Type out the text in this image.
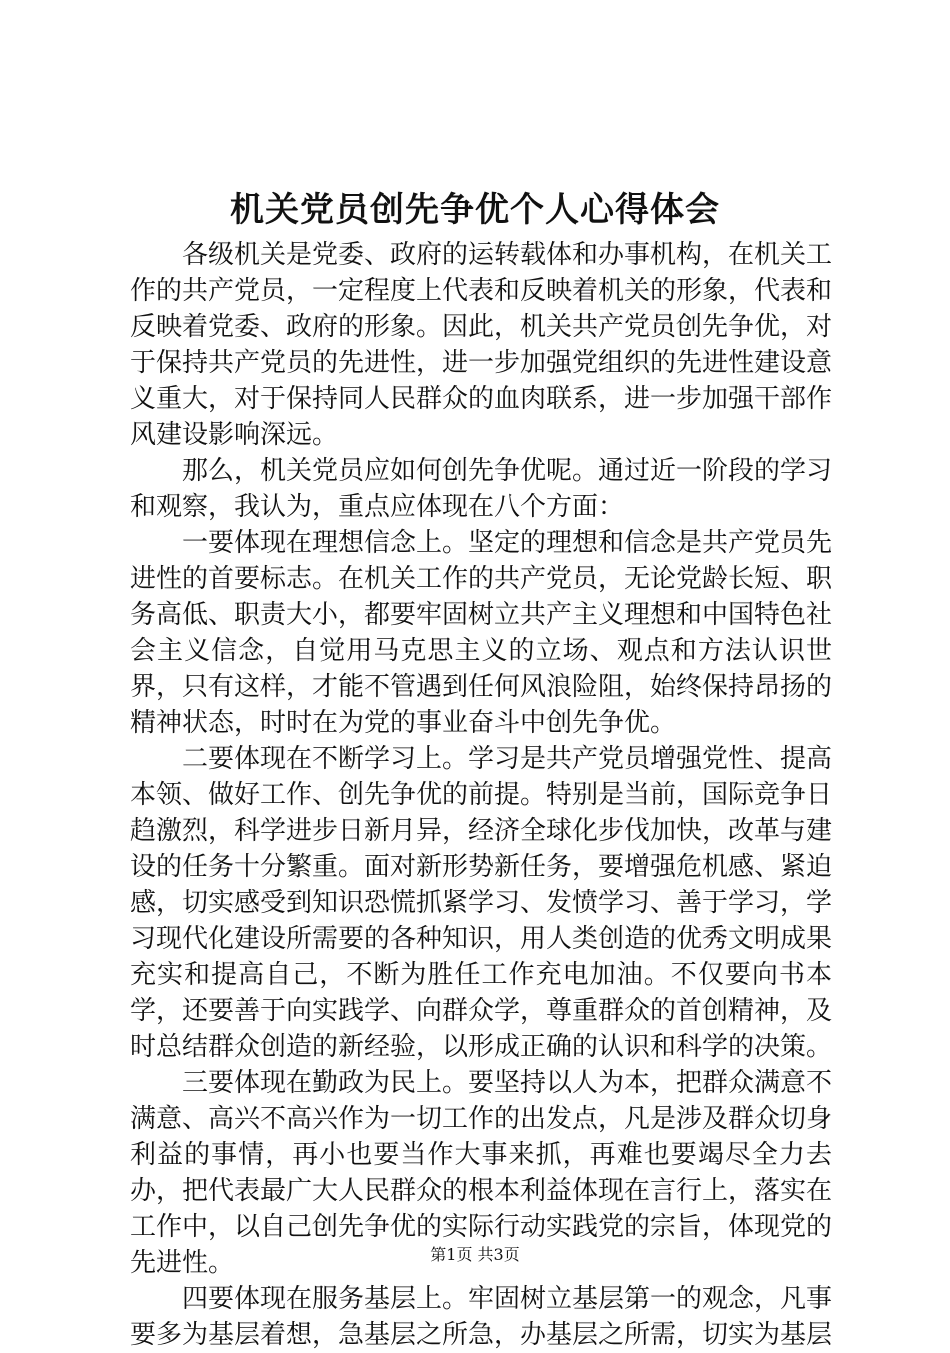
机关党员创先争优个人心得体会

各级机关是党委、政府的运转载体和办事机构，在机关工作的共产党员，一定程度上代表和反映着机关的形象，代表和反映着党委、政府的形象。因此，机关共产党员创先争优，对于保持共产党员的先进性，进一步加强党组织的先进性建设意义重大，对于保持同人民群众的血肉联系，进一步加强干部作风建设影响深远。

那么，机关党员应如何创先争优呢。通过近一阶段的学习和观察，我认为，重点应体现在八个方面：

一要体现在理想信念上。坚定的理想和信念是共产党员先进性的首要标志。在机关工作的共产党员，无论党龄长短、职务高低、职责大小，都要牢固树立共产主义理想和中国特色社会主义信念，自觉用马克思主义的立场、观点和方法认识世界，只有这样，才能不管遇到任何风浪险阻，始终保持昂扬的精神状态，时时在为党的事业奋斗中创先争优。

二要体现在不断学习上。学习是共产党员增强党性、提高本领、做好工作、创先争优的前提。特别是当前，国际竞争日趋激烈，科学进步日新月异，经济全球化步伐加快，改革与建设的任务十分繁重。面对新形势新任务，要增强危机感、紧迫感，切实感受到知识恐慌抓紧学习、发愤学习、善于学习，学习现代化建设所需要的各种知识，用人类创造的优秀文明成果充实和提高自己，不断为胜任工作充电加油。不仅要向书本学，还要善于向实践学、向群众学，尊重群众的首创精神，及时总结群众创造的新经验，以形成正确的认识和科学的决策。

三要体现在勤政为民上。要坚持以人为本，把群众满意不满意、高兴不高兴作为一切工作的出发点，凡是涉及群众切身利益的事情，再小也要当作大事来抓，再难也要竭尽全力去办，把代表最广大人民群众的根本利益体现在言行上，落实在工作中，以自己创先争优的实际行动实践党的宗旨，体现党的先进性。

四要体现在服务基层上。牢固树立基层第一的观念，凡事要多为基层着想，急基层之所急，办基层之所需，切实为基层

第1页 共3页
